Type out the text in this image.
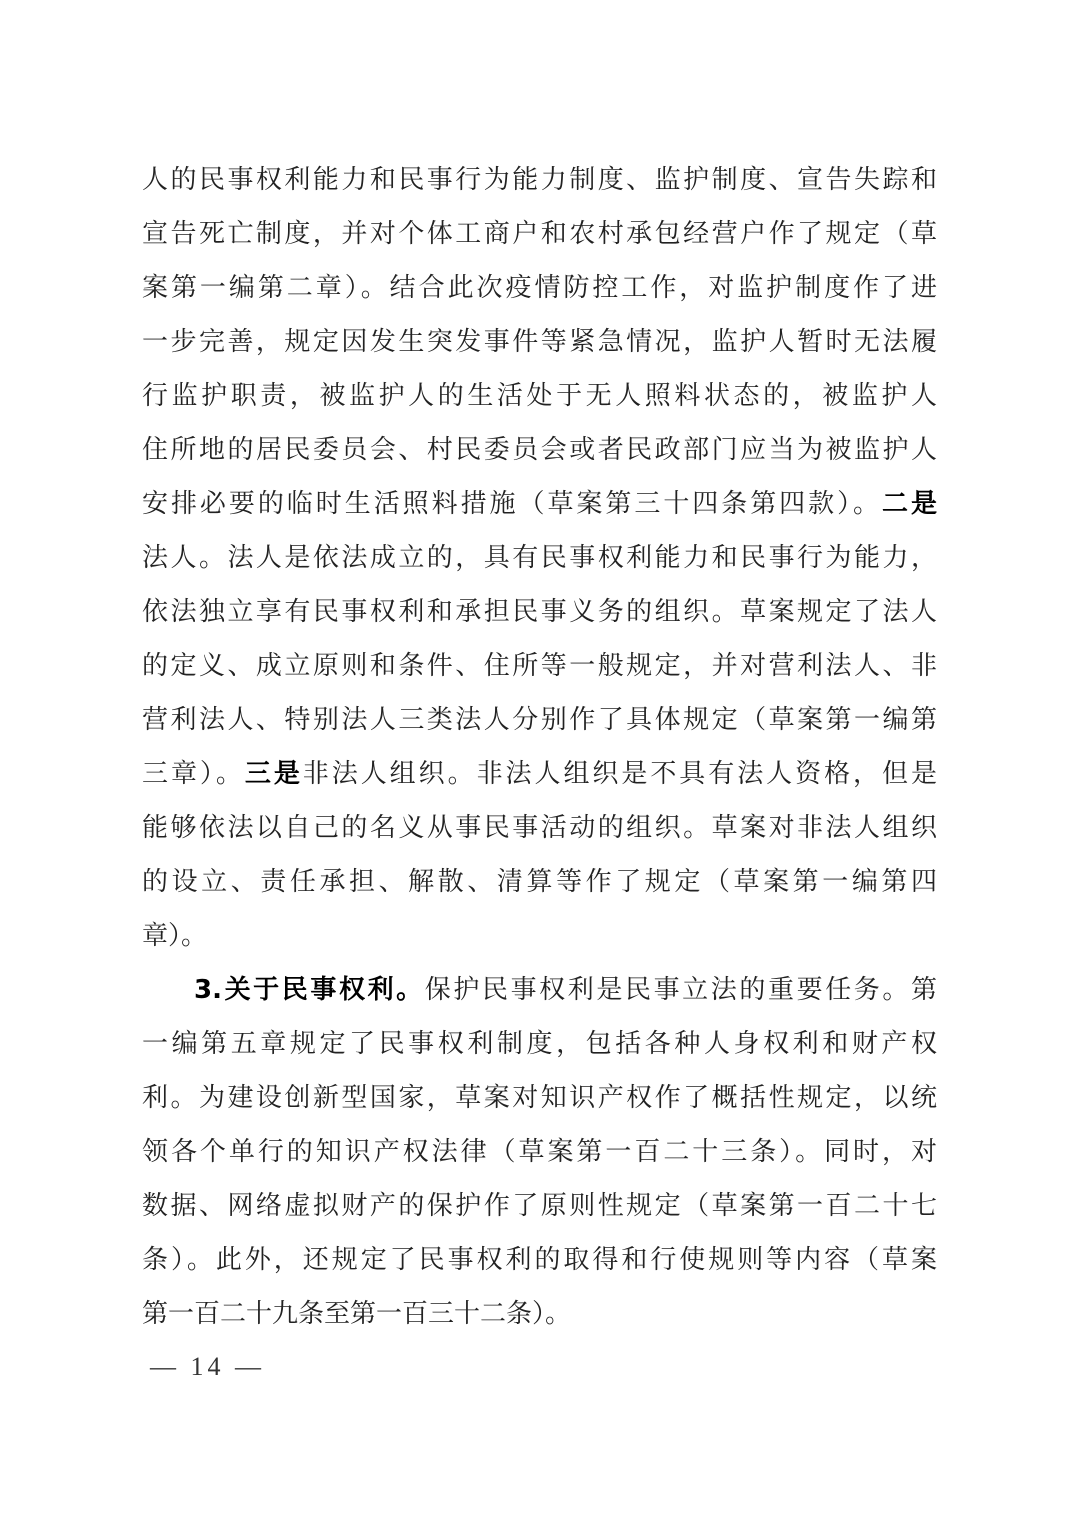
人的民事权利能力和民事行为能力制度、监护制度、宣告失踪和
宣告死亡制度，并对个体工商户和农村承包经营户作了规定（草
案第一编第二章）。结合此次疫情防控工作，对监护制度作了进
一步完善，规定因发生突发事件等紧急情况，监护人暂时无法履
行监护职责，被监护人的生活处于无人照料状态的，被监护人
住所地的居民委员会、村民委员会或者民政部门应当为被监护人
安排必要的临时生活照料措施（草案第三十四条第四款）。二是
法人。法人是依法成立的，具有民事权利能力和民事行为能力，
依法独立享有民事权利和承担民事义务的组织。草案规定了法人
的定义、成立原则和条件、住所等一般规定，并对营利法人、非
营利法人、特别法人三类法人分别作了具体规定（草案第一编第
三章）。三是非法人组织。非法人组织是不具有法人资格，但是
能够依法以自己的名义从事民事活动的组织。草案对非法人组织
的设立、责任承担、解散、清算等作了规定（草案第一编第四
章）。
3.关于民事权利。保护民事权利是民事立法的重要任务。第
一编第五章规定了民事权利制度，包括各种人身权利和财产权
利。为建设创新型国家，草案对知识产权作了概括性规定，以统
领各个单行的知识产权法律（草案第一百二十三条）。同时，对
数据、网络虚拟财产的保护作了原则性规定（草案第一百二十七
条）。此外，还规定了民事权利的取得和行使规则等内容（草案
第一百二十九条至第一百三十二条）。
— 14 —
